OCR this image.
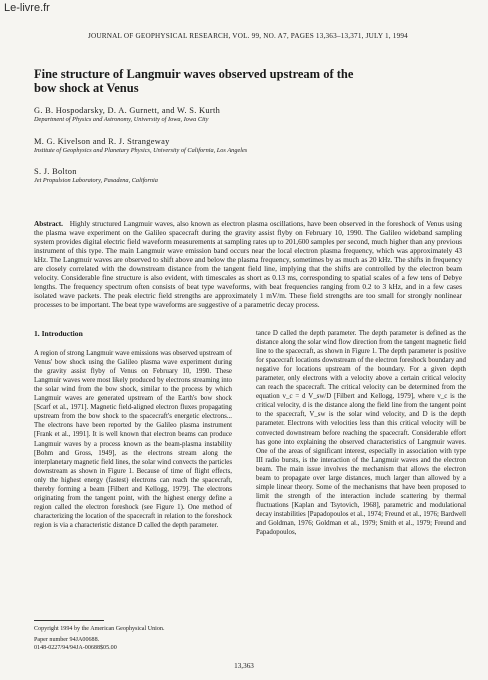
Le-livre.fr
JOURNAL OF GEOPHYSICAL RESEARCH, VOL. 99, NO. A7, PAGES 13,363–13,371, JULY 1, 1994
Fine structure of Langmuir waves observed upstream of the bow shock at Venus

G. B. Hospodarsky, D. A. Gurnett, and W. S. Kurth

Department of Physics and Astronomy, University of Iowa, Iowa City

M. G. Kivelson and R. J. Strangeway

Institute of Geophysics and Planetary Physics, University of California, Los Angeles

S. J. Bolton

Jet Propulsion Laboratory, Pasadena, California

Abstract. Highly structured Langmuir waves, also known as electron plasma oscillations, have been observed in the foreshock of Venus using the plasma wave experiment on the Galileo spacecraft during the gravity assist flyby on February 10, 1990. The Galileo wideband sampling system provides digital electric field waveform measurements at sampling rates up to 201,600 samples per second, much higher than any previous instrument of this type. The main Langmuir wave emission band occurs near the local electron plasma frequency, which was approximately 43 kHz. The Langmuir waves are observed to shift above and below the plasma frequency, sometimes by as much as 20 kHz. The shifts in frequency are closely correlated with the downstream distance from the tangent field line, implying that the shifts are controlled by the electron beam velocity. Considerable fine structure is also evident, with timescales as short as 0.13 ms, corresponding to spatial scales of a few tens of Debye lengths. The frequency spectrum often consists of beat type waveforms, with beat frequencies ranging from 0.2 to 3 kHz, and in a few cases isolated wave packets. The peak electric field strengths are approximately 1 mV/m. These field strengths are too small for strongly nonlinear processes to be important. The beat type waveforms are suggestive of a parametric decay process.
1. Introduction

A region of strong Langmuir wave emissions was observed upstream of Venus' bow shock using the Galileo plasma wave experiment during the gravity assist flyby of Venus on February 10, 1990. These Langmuir waves were most likely produced by electrons streaming into the solar wind from the bow shock, similar to the process by which Langmuir waves are generated upstream of the Earth's bow shock [Scarf et al., 1971]. Magnetic field-aligned electron fluxes propagating upstream from the bow shock to the spacecraft's energetic electrons... The electrons have been reported by the Galileo plasma instrument [Frank et al., 1991]. It is well known that electron beams can produce Langmuir waves by a process known as the beam-plasma instability [Bohm and Gross, 1949], as the electrons stream along the interplanetary magnetic field lines, the solar wind convects the particles downstream as shown in Figure 1. Because of time of flight effects, only the highest energy (fastest) electrons can reach the spacecraft, thereby forming a beam [Filbert and Kellogg, 1979]. The electrons originating from the tangent point, with the highest energy define a region called the electron foreshock (see Figure 1). One method of characterizing the location of the spacecraft in relation to the foreshock region is via a characteristic distance D called the depth parameter.

tance D called the depth parameter. The depth parameter is defined as the distance along the solar wind flow direction from the tangent magnetic field line to the spacecraft, as shown in Figure 1. The depth parameter is positive for spacecraft locations downstream of the electron foreshock boundary and negative for locations upstream of the boundary. For a given depth parameter, only electrons with a velocity above a certain critical velocity can reach the spacecraft. The critical velocity can be determined from the equation v_c = d V_sw/D [Filbert and Kellogg, 1979], where v_c is the critical velocity, d is the distance along the field line from the tangent point to the spacecraft, V_sw is the solar wind velocity, and D is the depth parameter. Electrons with velocities less than this critical velocity will be convected downstream before reaching the spacecraft. Considerable effort has gone into explaining the observed characteristics of Langmuir waves. One of the areas of significant interest, especially in association with type III radio bursts, is the interaction of the Langmuir waves and the electron beam. The main issue involves the mechanism that allows the electron beam to propagate over large distances, much larger than allowed by a simple linear theory. Some of the mechanisms that have been proposed to limit the strength of the interaction include scattering by thermal fluctuations [Kaplan and Tsytovich, 1968], parametric and modulational decay instabilities [Papadopoulos et al., 1974; Freund et al., 1976; Bardwell and Goldman, 1976; Goldman et al., 1979; Smith et al., 1979; Freund and Papadopoulos,

Copyright 1994 by the American Geophysical Union.
Paper number 94JA00688.
0148-0227/94/94JA-00688$05.00
13,363
